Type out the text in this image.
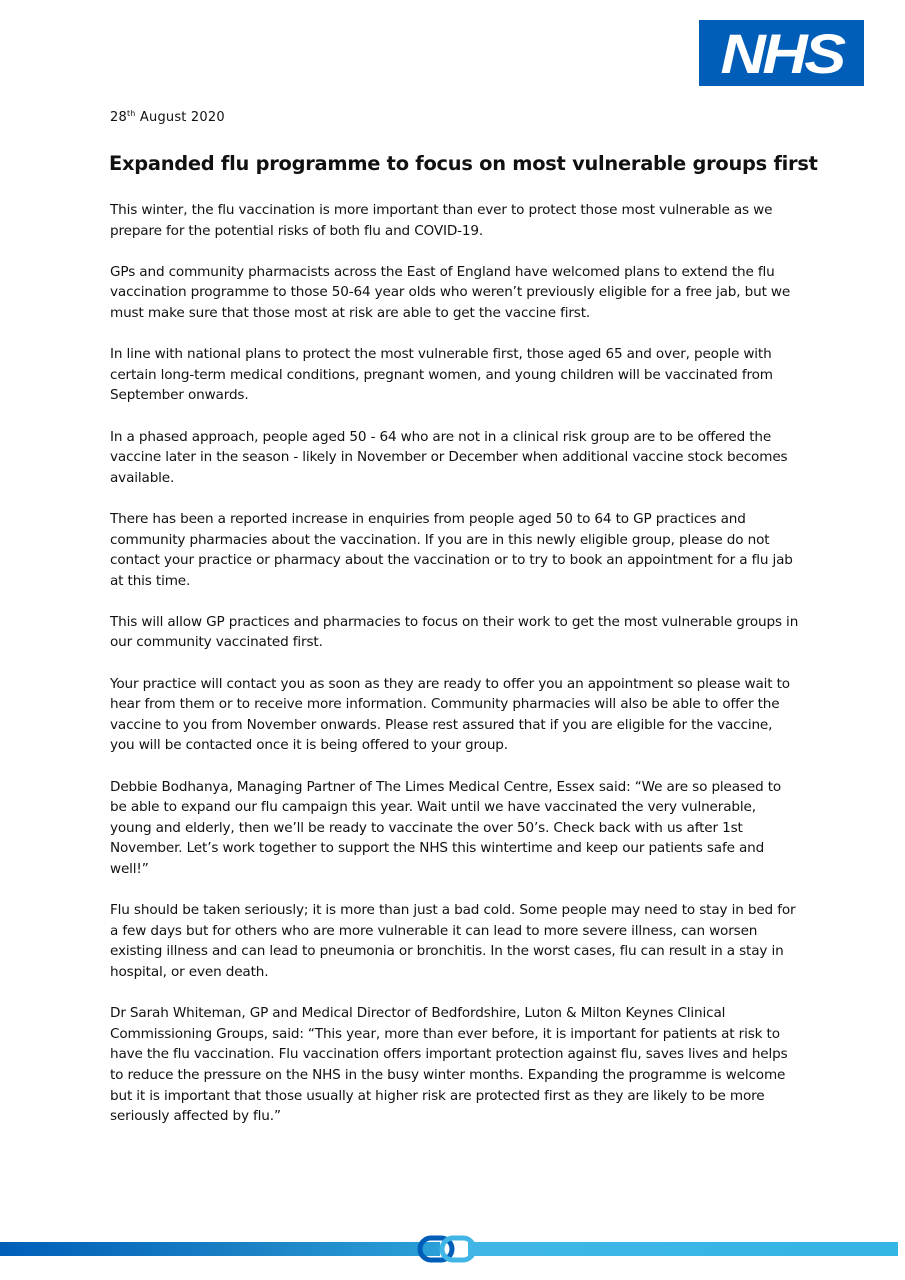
NHS
28th August 2020
Expanded flu programme to focus on most vulnerable groups first

This winter, the flu vaccination is more important than ever to protect those most vulnerable as we prepare for the potential risks of both flu and COVID-19.

GPs and community pharmacists across the East of England have welcomed plans to extend the flu vaccination programme to those 50-64 year olds who weren’t previously eligible for a free jab, but we must make sure that those most at risk are able to get the vaccine first.

In line with national plans to protect the most vulnerable first, those aged 65 and over, people with certain long-term medical conditions, pregnant women, and young children will be vaccinated from September onwards.

In a phased approach, people aged 50 - 64 who are not in a clinical risk group are to be offered the vaccine later in the season - likely in November or December when additional vaccine stock becomes available.

There has been a reported increase in enquiries from people aged 50 to 64 to GP practices and community pharmacies about the vaccination. If you are in this newly eligible group, please do not contact your practice or pharmacy about the vaccination or to try to book an appointment for a flu jab at this time.

This will allow GP practices and pharmacies to focus on their work to get the most vulnerable groups in our community vaccinated first.

Your practice will contact you as soon as they are ready to offer you an appointment so please wait to hear from them or to receive more information. Community pharmacies will also be able to offer the vaccine to you from November onwards. Please rest assured that if you are eligible for the vaccine, you will be contacted once it is being offered to your group.

Debbie Bodhanya, Managing Partner of The Limes Medical Centre, Essex said: “We are so pleased to be able to expand our flu campaign this year. Wait until we have vaccinated the very vulnerable, young and elderly, then we’ll be ready to vaccinate the over 50’s. Check back with us after 1st November. Let’s work together to support the NHS this wintertime and keep our patients safe and well!”

Flu should be taken seriously; it is more than just a bad cold. Some people may need to stay in bed for a few days but for others who are more vulnerable it can lead to more severe illness, can worsen existing illness and can lead to pneumonia or bronchitis. In the worst cases, flu can result in a stay in hospital, or even death.

Dr Sarah Whiteman, GP and Medical Director of Bedfordshire, Luton & Milton Keynes Clinical Commissioning Groups, said: “This year, more than ever before, it is important for patients at risk to have the flu vaccination. Flu vaccination offers important protection against flu, saves lives and helps to reduce the pressure on the NHS in the busy winter months. Expanding the programme is welcome but it is important that those usually at higher risk are protected first as they are likely to be more seriously affected by flu.”
